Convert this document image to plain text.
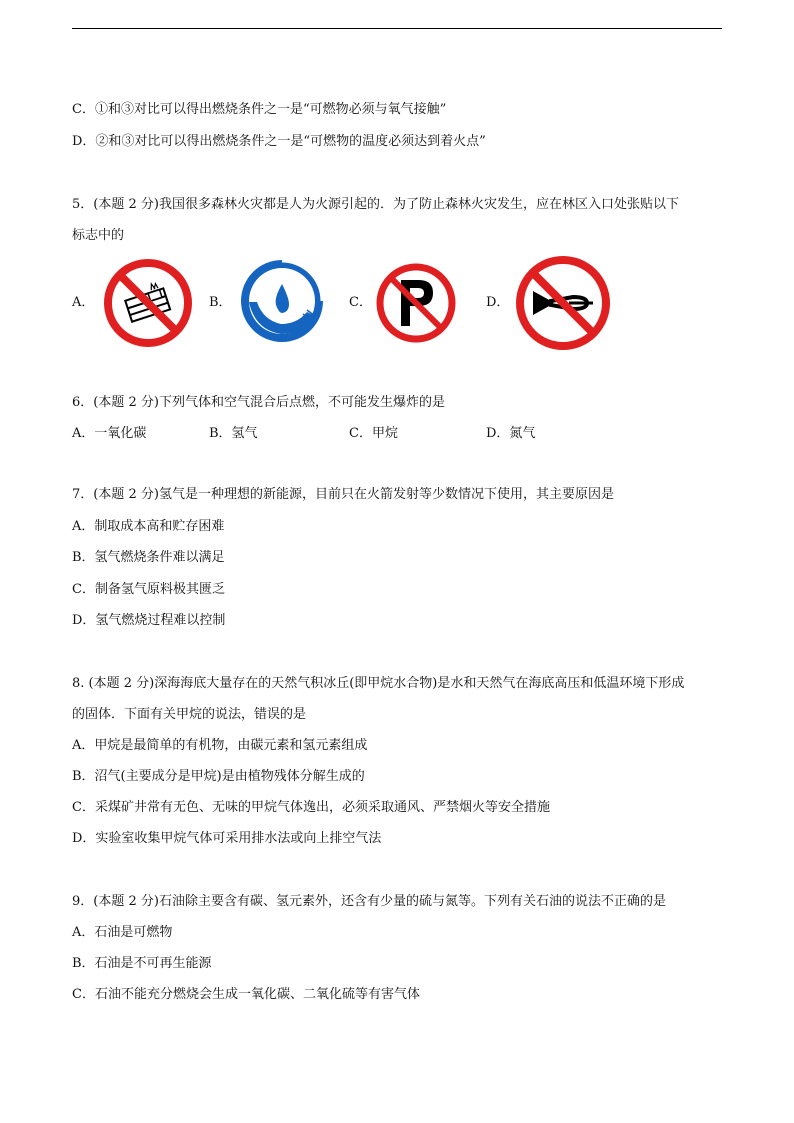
C．①和③对比可以得出燃烧条件之一是“可燃物必须与氧气接触”
D．②和③对比可以得出燃烧条件之一是“可燃物的温度必须达到着火点”
5．(本题 2 分)我国很多森林火灾都是人为火源引起的．为了防止森林火灾发生，应在林区入口处张贴以下
标志中的
A．	B．	C．	D．
6．(本题 2 分)下列气体和空气混合后点燃，不可能发生爆炸的是
A．一氧化碳	B．氢气	C．甲烷	D．氮气
7．(本题 2 分)氢气是一种理想的新能源，目前只在火箭发射等少数情况下使用，其主要原因是
A．制取成本高和贮存困难
B．氢气燃烧条件难以满足
C．制备氢气原料极其匮乏
D．氢气燃烧过程难以控制
8. (本题 2 分)深海海底大量存在的天然气积冰丘(即甲烷水合物)是水和天然气在海底高压和低温环境下形成
的固体．下面有关甲烷的说法，错误的是
A．甲烷是最简单的有机物，由碳元素和氢元素组成
B．沼气(主要成分是甲烷)是由植物残体分解生成的
C．采煤矿井常有无色、无味的甲烷气体逸出，必须采取通风、严禁烟火等安全措施
D．实验室收集甲烷气体可采用排水法或向上排空气法
9．(本题 2 分)石油除主要含有碳、氢元素外，还含有少量的硫与氮等。下列有关石油的说法不正确的是
A．石油是可燃物
B．石油是不可再生能源
C．石油不能充分燃烧会生成一氧化碳、二氧化硫等有害气体
